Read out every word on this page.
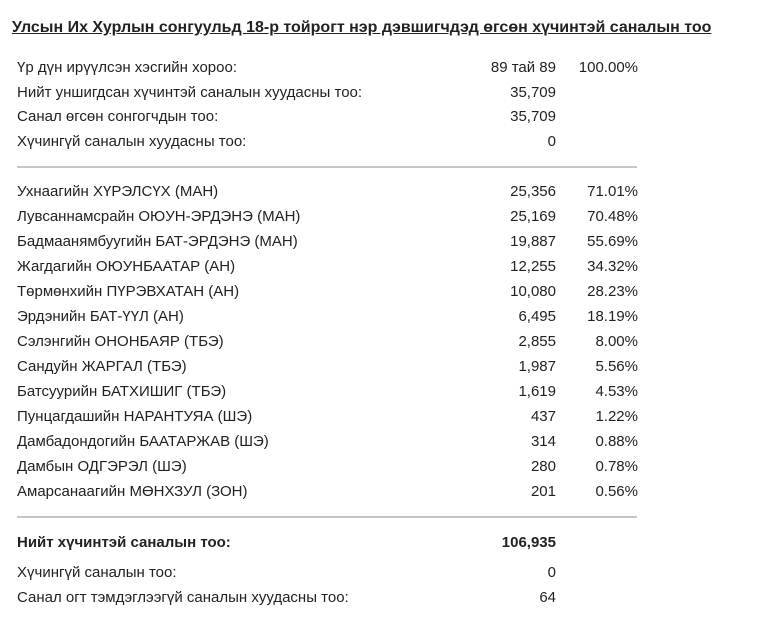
Улсын Их Хурлын сонгуульд 18-р тойрогт нэр дэвшигчдэд өгсөн хүчинтэй саналын тоо
Үр дүн ирүүлсэн хэсгийн хороо:	89 тай 89 100.00%
Нийт уншигдсан хүчинтэй саналын хуудасны тоо:	35,709
Санал өгсөн сонгогчдын тоо:	35,709
Хүчингүй саналын хуудасны тоо:	0
Ухнаагийн ХҮРЭЛСҮХ (МАН)	25,356 71.01%
Лувсаннамсрайн ОЮУН-ЭРДЭНЭ (МАН)	25,169 70.48%
Бадмаанямбуугийн БАТ-ЭРДЭНЭ (МАН)	19,887 55.69%
Жагдагийн ОЮУНБААТАР (АН)	12,255 34.32%
Төрмөнхийн ПҮРЭВХАТАН (АН)	10,080 28.23%
Эрдэнийн БАТ-ҮҮЛ (АН)	6,495 18.19%
Сэлэнгийн ОНОНБАЯР (ТБЭ)	2,855	8.00%
Сандуйн ЖАРГАЛ (ТБЭ)	1,987	5.56%
Батсуурийн БАТХИШИГ (ТБЭ)	1,619	4.53%
Пунцагдашийн НАРАНТУЯА (ШЭ)	437	1.22%
Дамбадондогийн БААТАРЖАВ (ШЭ)	314	0.88%
Дамбын ОДГЭРЭЛ (ШЭ)	280	0.78%
Амарсанаагийн МӨНХЗУЛ (ЗОН)	201	0.56%
Нийт хүчинтэй саналын тоо:	106,935
Хүчингүй саналын тоо:	0
Санал огт тэмдэглээгүй саналын хуудасны тоо:	64
